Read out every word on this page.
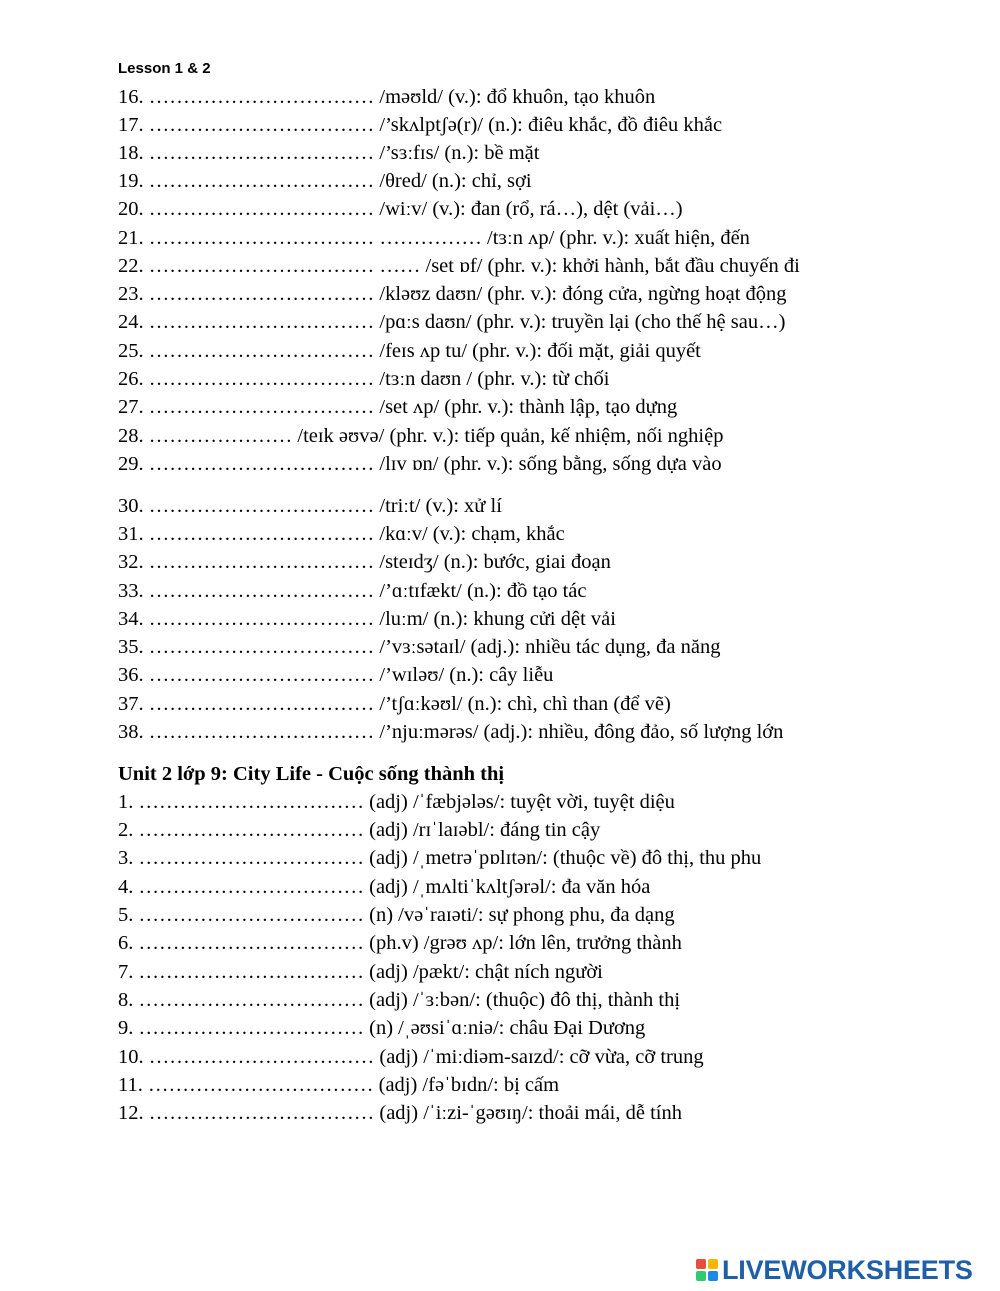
Lesson 1 & 2
16. …………………………… /məʊld/ (v.): đổ khuôn, tạo khuôn
17. …………………………… /’skʌlptʃə(r)/ (n.): điêu khắc, đồ điêu khắc
18. …………………………… /’sɜːfɪs/ (n.): bề mặt
19. …………………………… /θred/ (n.): chỉ, sợi
20. …………………………… /wiːv/ (v.): đan (rổ, rá…), dệt (vải…)
21. …………………………… …………… /tɜːn ʌp/ (phr. v.): xuất hiện, đến
22. …………………………… …… /set ɒf/ (phr. v.): khởi hành, bắt đầu chuyến đi
23. …………………………… /kləʊz daʊn/ (phr. v.): đóng cửa, ngừng hoạt động
24. …………………………… /pɑːs daʊn/ (phr. v.): truyền lại (cho thế hệ sau…)
25. …………………………… /feɪs ʌp tu/ (phr. v.): đối mặt, giải quyết
26. …………………………… /tɜːn daʊn / (phr. v.): từ chối
27. …………………………… /set ʌp/ (phr. v.): thành lập, tạo dựng
28. ………………… /teɪk əʊvə/ (phr. v.): tiếp quản, kế nhiệm, nối nghiệp
29. …………………………… /lɪv ɒn/ (phr. v.): sống bằng, sống dựa vào
30. …………………………… /triːt/ (v.): xử lí
31. …………………………… /kɑːv/ (v.): chạm, khắc
32. …………………………… /steɪdʒ/ (n.): bước, giai đoạn
33. …………………………… /’ɑːtɪfækt/ (n.): đồ tạo tác
34. …………………………… /luːm/ (n.): khung cửi dệt vải
35. …………………………… /’vɜːsətaɪl/ (adj.): nhiều tác dụng, đa năng
36. …………………………… /’wɪləʊ/ (n.): cây liễu
37. …………………………… /’tʃɑːkəʊl/ (n.): chì, chì than (để vẽ)
38. …………………………… /’njuːmərəs/ (adj.): nhiều, đông đảo, số lượng lớn
Unit 2 lớp 9: City Life - Cuộc sống thành thị
1. …………………………… (adj) /ˈfæbjələs/: tuyệt vời, tuyệt diệu
2. …………………………… (adj) /rɪˈlaɪəbl/: đáng tin cậy
3. …………………………… (adj) /ˌmetrəˈpɒlɪtən/: (thuộc về) đô thị, thu phu
4. …………………………… (adj) /ˌmʌltiˈkʌltʃərəl/: đa văn hóa
5. …………………………… (n) /vəˈraɪəti/: sự phong phu, đa dạng
6. …………………………… (ph.v) /grəʊ ʌp/: lớn lên, trưởng thành
7. …………………………… (adj) /pækt/: chật ních người
8. …………………………… (adj) /ˈɜːbən/: (thuộc) đô thị, thành thị
9. …………………………… (n) /ˌəʊsiˈɑːniə/: châu Đại Dương
10. …………………………… (adj) /ˈmiːdiəm-saɪzd/: cỡ vừa, cỡ trung
11. …………………………… (adj) /fəˈbɪdn/: bị cấm
12. …………………………… (adj) /ˈiːzi-ˈgəʊɪŋ/: thoải mái, dễ tính
LIVEWORKSHEETS
